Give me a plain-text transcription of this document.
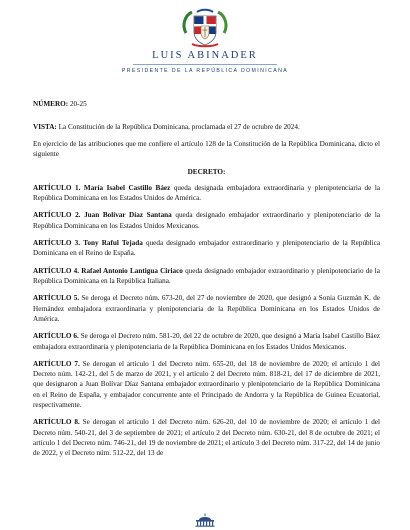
LUIS ABINADER
PRESIDENTE DE LA REPÚBLICA DOMINICANA

NÚMERO: 20-25

VISTA: La Constitución de la República Dominicana, proclamada el 27 de octubre de 2024.

En ejercicio de las atribuciones que me confiere el artículo 128 de la Constitución de la República Dominicana, dicto el siguiente

DECRETO:

ARTÍCULO 1. María Isabel Castillo Báez queda designada embajadora extraordinaria y plenipotenciaria de la República Dominicana en los Estados Unidos de América.

ARTÍCULO 2. Juan Bolívar Díaz Santana queda designado embajador extraordinario y plenipotenciario de la República Dominicana en los Estados Unidos Mexicanos.

ARTÍCULO 3. Tony Raful Tejada queda designado embajador extraordinario y plenipotenciario de la República Dominicana en el Reino de España.

ARTÍCULO 4. Rafael Antonio Lantigua Ciriaco queda designado embajador extraordinario y plenipotenciario de la República Dominicana en la República Italiana.

ARTÍCULO 5. Se deroga el Decreto núm. 673-20, del 27 de noviembre de 2020, que designó a Sonia Guzmán K. de Hernández embajadora extraordinaria y plenipotenciaria de la República Dominicana en los Estados Unidos de América.

ARTÍCULO 6. Se deroga el Decreto núm. 581-20, del 22 de octubre de 2020, que designó a María Isabel Castillo Báez embajadora extraordinaria y plenipotenciaria de la República Dominicana en los Estados Unidos Mexicanos.

ARTÍCULO 7. Se derogan el artículo 1 del Decreto núm. 655-20, del 18 de noviembre de 2020; el artículo 1 del Decreto núm. 142-21, del 5 de marzo de 2021, y el artículo 2 del Decreto núm. 818-21, del 17 de diciembre de 2021, que designaron a Juan Bolívar Díaz Santana embajador extraordinario y plenipotenciario de la República Dominicana en el Reino de España, y embajador concurrente ante el Principado de Andorra y la República de Guinea Ecuatorial, respectivamente.

ARTÍCULO 8. Se derogan el artículo 1 del Decreto núm. 626-20, del 10 de noviembre de 2020; el artículo 1 del Decreto núm. 540-21, del 3 de septiembre de 2021; el artículo 2 del Decreto núm. 630-21, del 8 de octubre de 2021; el artículo 1 del Decreto núm. 746-21, del 19 de noviembre de 2021; el artículo 3 del Decreto núm. 317-22, del 14 de junio de 2022, y el Decreto núm. 512-22, del 13 de
